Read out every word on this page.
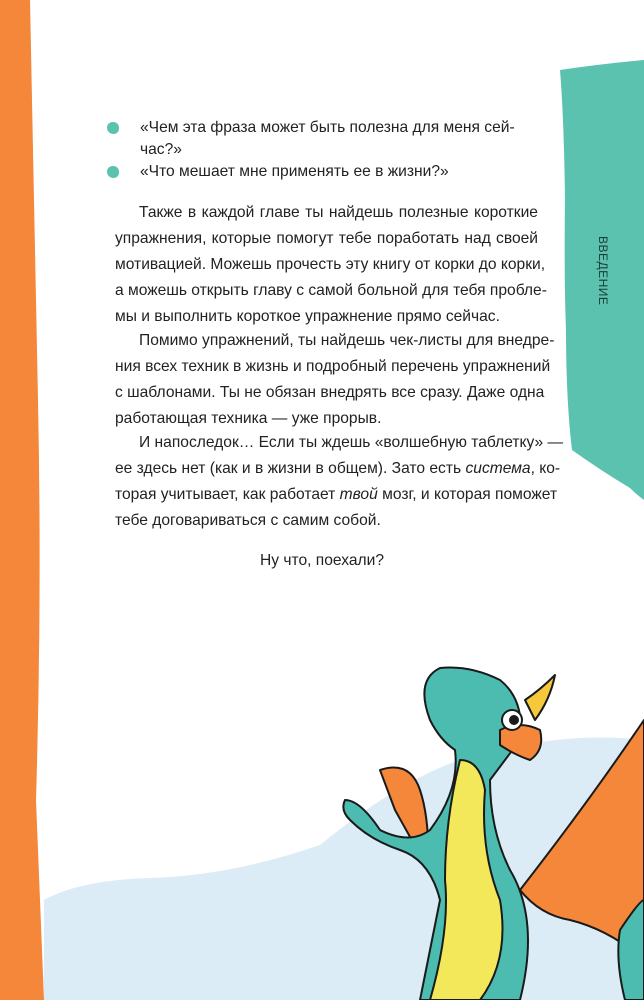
ВВЕДЕНИЕ
«Чем эта фраза может быть полезна для меня сей-
час?»
«Что мешает мне применять ее в жизни?»
Также в каждой главе ты найдешь полезные короткие
упражнения, которые помогут тебе поработать над своей
мотивацией. Можешь прочесть эту книгу от корки до корки,
а можешь открыть главу с самой больной для тебя пробле-
мы и выполнить короткое упражнение прямо сейчас.
Помимо упражнений, ты найдешь чек-листы для внедре-
ния всех техник в жизнь и подробный перечень упражнений
с шаблонами. Ты не обязан внедрять все сразу. Даже одна
работающая техника — уже прорыв.
И напоследок… Если ты ждешь «волшебную таблетку» —
ее здесь нет (как и в жизни в общем). Зато есть система, ко-
торая учитывает, как работает твой мозг, и которая поможет
тебе договариваться с самим собой.
Ну что, поехали?
